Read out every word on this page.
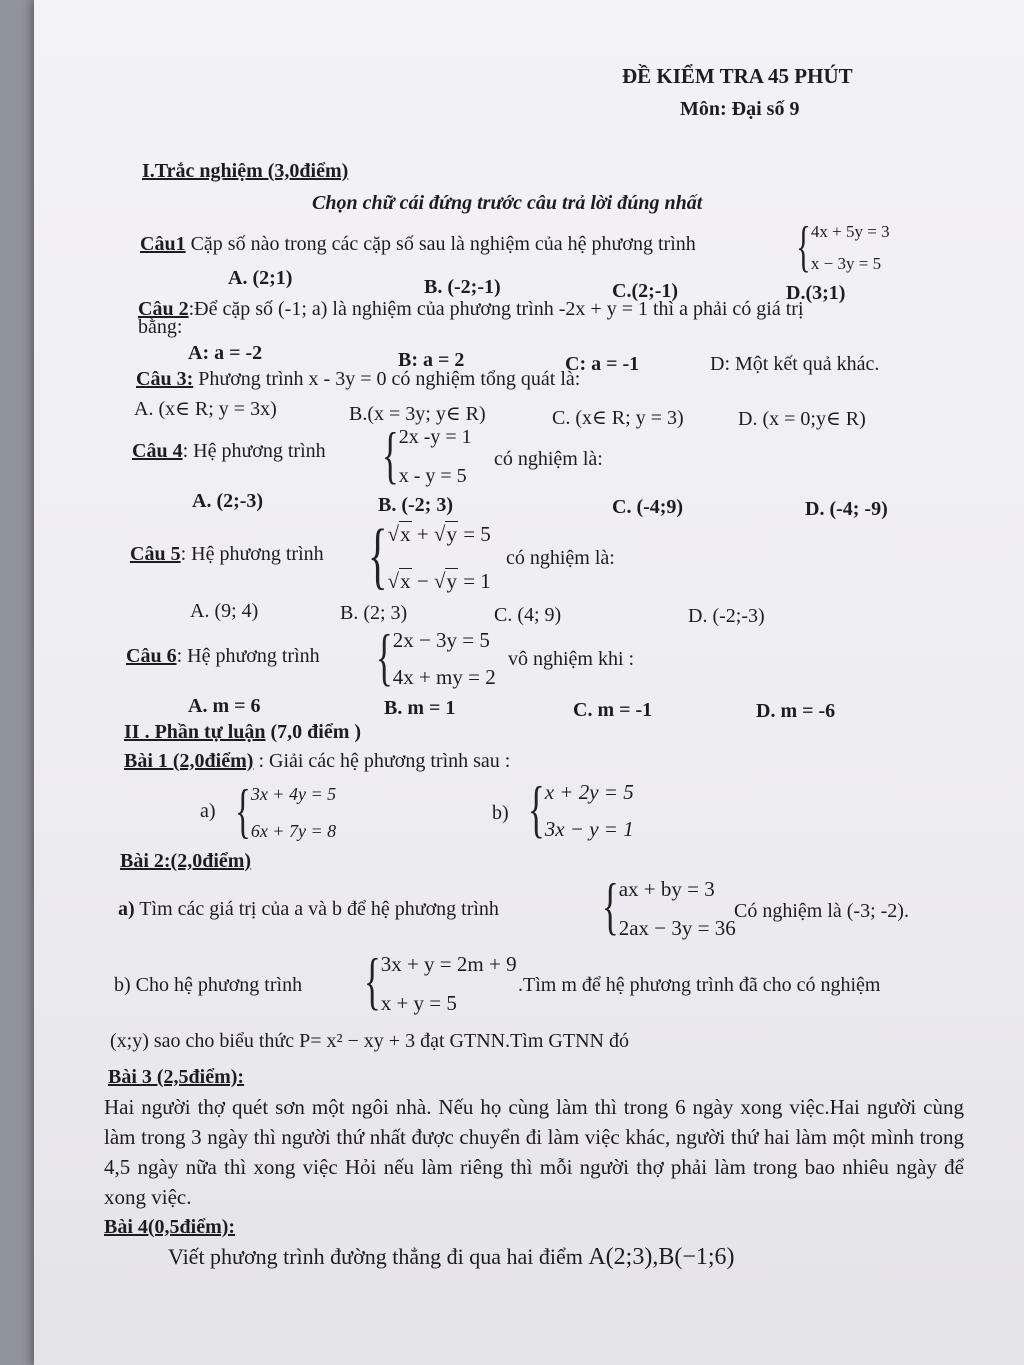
ĐỀ KIỂM TRA 45 PHÚT
Môn: Đại số 9
I.Trắc nghiệm (3,0điểm)
Chọn chữ cái đứng trước câu trả lời đúng nhất
Câu1 Cặp số nào trong các cặp số sau là nghiệm của hệ phương trình { 4x + 5y = 3
x − 3y = 5
A. (2;1)	B. (-2;-1)	C.(2;-1)	D.(3;1)
Câu 2:Để cặp số (-1; a) là nghiệm của phương trình -2x + y = 1 thì a phải có giá trị
bằng:
A: a = -2	B: a = 2	C: a = -1	D: Một kết quả khác.
Câu 3: Phương trình x - 3y = 0 có nghiệm tổng quát là:
A. (x∈ R; y = 3x)	B.(x = 3y; y∈ R)	C. (x∈ R; y = 3)	D. (x = 0;y∈ R)
Câu 4: Hệ phương trình { 2x -y = 1
x - y = 5
có nghiệm là:
A. (2;-3)	B. (-2; 3)	C. (-4;9)	D. (-4; -9)
Câu 5: Hệ phương trình { √x + √y = 5
√x − √y = 1
có nghiệm là:
A. (9; 4)	B. (2; 3)	C. (4; 9)	D. (-2;-3)
Câu 6: Hệ phương trình { 2x − 3y = 5
4x + my = 2
vô nghiệm khi :
A. m = 6	B. m = 1	C. m = -1	D. m = -6
II . Phần tự luận (7,0 điểm )
Bài 1 (2,0điểm) : Giải các hệ phương trình sau :
a) { 3x + 4y = 5
6x + 7y = 8
b) { x + 2y = 5
3x − y = 1
Bài 2:(2,0điểm)
a) Tìm các giá trị của a và b để hệ phương trình { ax + by = 3
2ax − 3y = 36
Có nghiệm là (-3; -2).
b) Cho hệ phương trình { 3x + y = 2m + 9
x + y = 5
.Tìm m để hệ phương trình đã cho có nghiệm
(x;y) sao cho biểu thức P= x² − xy + 3 đạt GTNN.Tìm GTNN đó
Bài 3 (2,5điểm):
Hai người thợ quét sơn một ngôi nhà. Nếu họ cùng làm thì trong 6 ngày xong việc.Hai người cùng làm trong 3 ngày thì người thứ nhất được chuyển đi làm việc khác, người thứ hai làm một mình trong 4,5 ngày nữa thì xong việc Hỏi nếu làm riêng thì mỗi người thợ phải làm trong bao nhiêu ngày để xong việc.
Bài 4(0,5điểm):
Viết phương trình đường thẳng đi qua hai điểm A(2;3),B(−1;6)
